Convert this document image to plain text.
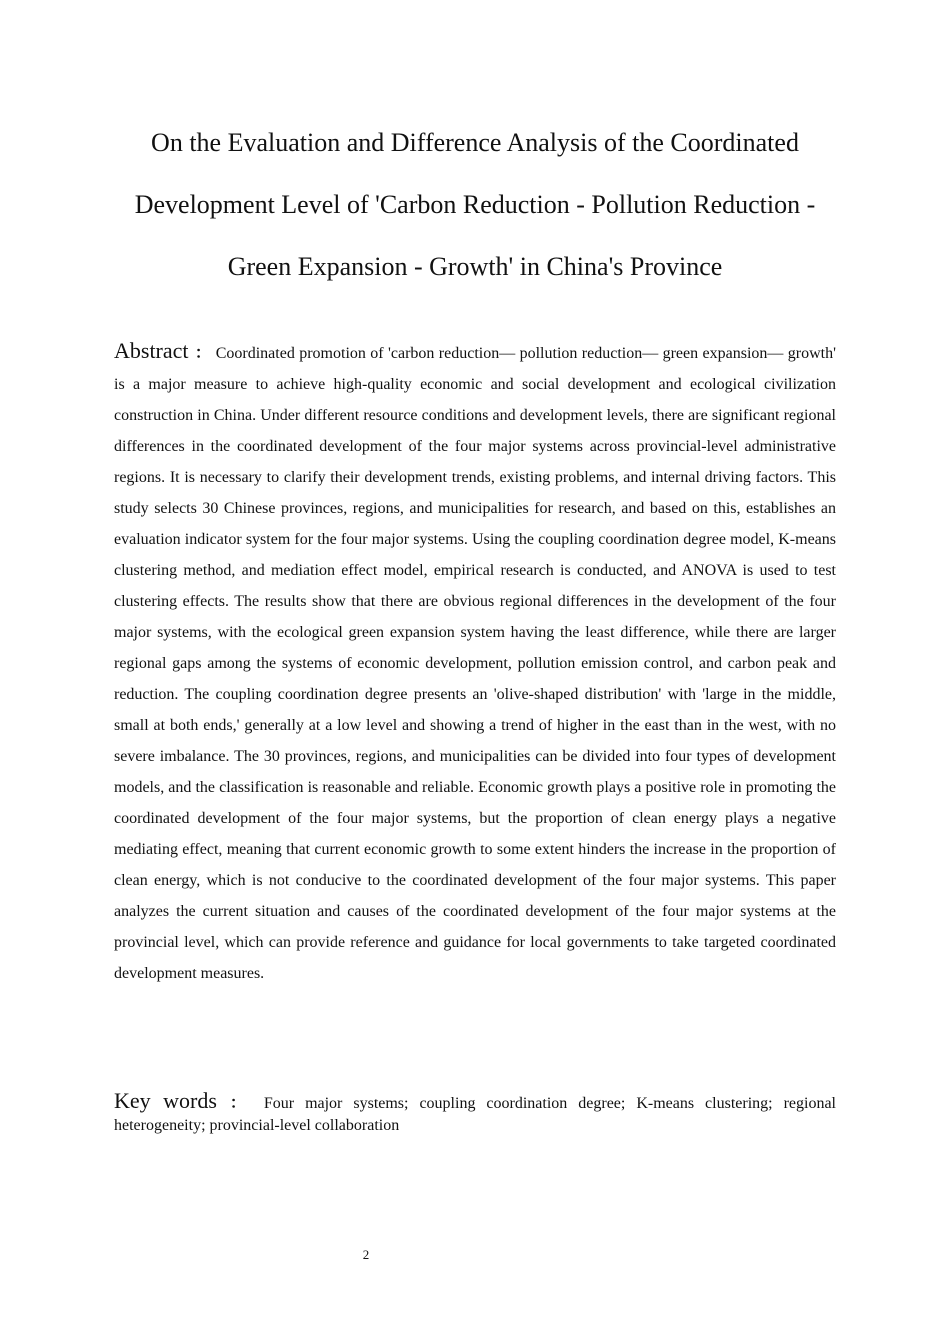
On the Evaluation and Difference Analysis of the Coordinated Development Level of 'Carbon Reduction - Pollution Reduction - Green Expansion - Growth' in China's Province

Abstract ： Coordinated promotion of 'carbon reduction— pollution reduction— green expansion— growth' is a major measure to achieve high-quality economic and social development and ecological civilization construction in China. Under different resource conditions and development levels, there are significant regional differences in the coordinated development of the four major systems across provincial-level administrative regions. It is necessary to clarify their development trends, existing problems, and internal driving factors. This study selects 30 Chinese provinces, regions, and municipalities for research, and based on this, establishes an evaluation indicator system for the four major systems. Using the coupling coordination degree model, K-means clustering method, and mediation effect model, empirical research is conducted, and ANOVA is used to test clustering effects. The results show that there are obvious regional differences in the development of the four major systems, with the ecological green expansion system having the least difference, while there are larger regional gaps among the systems of economic development, pollution emission control, and carbon peak and reduction. The coupling coordination degree presents an 'olive-shaped distribution' with 'large in the middle, small at both ends,' generally at a low level and showing a trend of higher in the east than in the west, with no severe imbalance. The 30 provinces, regions, and municipalities can be divided into four types of development models, and the classification is reasonable and reliable. Economic growth plays a positive role in promoting the coordinated development of the four major systems, but the proportion of clean energy plays a negative mediating effect, meaning that current economic growth to some extent hinders the increase in the proportion of clean energy, which is not conducive to the coordinated development of the four major systems. This paper analyzes the current situation and causes of the coordinated development of the four major systems at the provincial level, which can provide reference and guidance for local governments to take targeted coordinated development measures.

Key words ： Four major systems; coupling coordination degree; K-means clustering; regional heterogeneity; provincial-level collaboration

2
